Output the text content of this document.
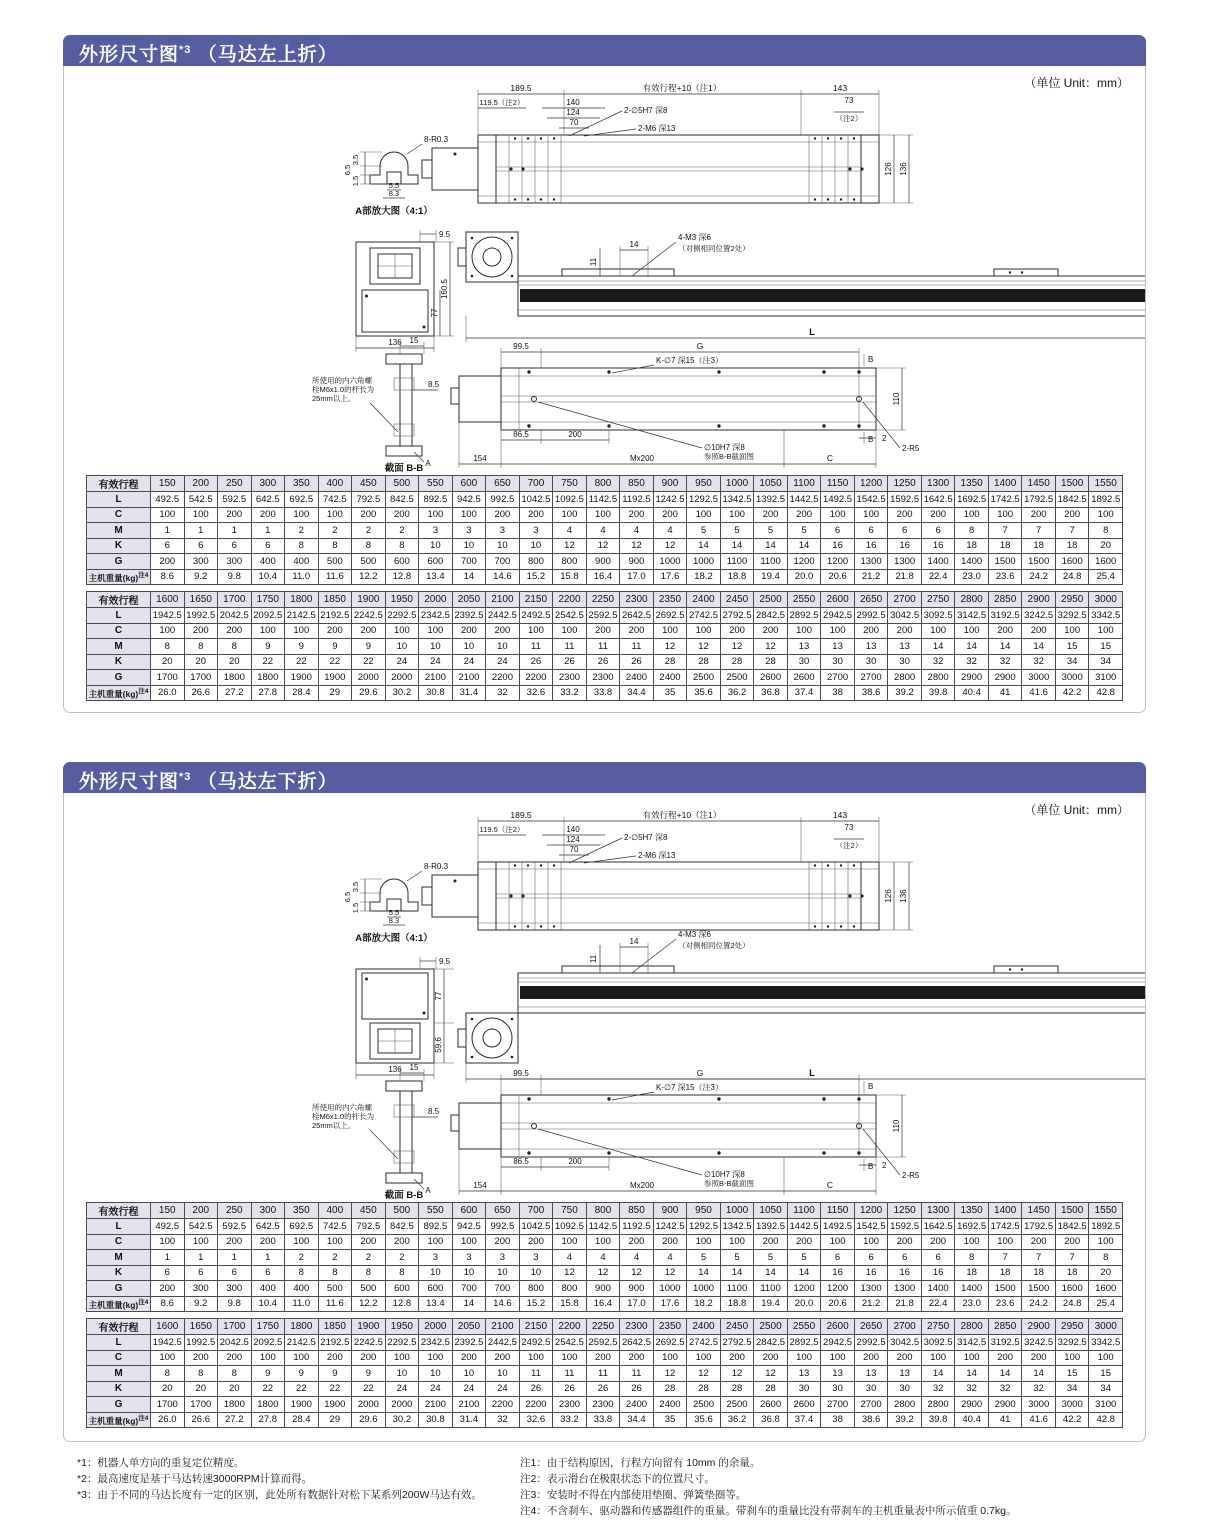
外形尺寸图$^{*3}$ （马达左上折）
（单位 Unit：mm）
189.5	有效行程+10（注1）	143
119.5（注2）	140
124
70
2-∅5H7 深8
2-M6 深13
73
（注2）
126 136
8-R0.3
3.5
6.5
1.5	5.5
8.3
A部放大图（4:1）
9.5
160.5
77
136
11
14
4-M3 深6
（对侧相同位置2处）
L
15
8.5
A
截面 B-B
所使用的内六角螺
栓M6x1.0的杆长为
25mm以上。
99.5	G
K-∅7 深15（注3）	B
B
110
86.5	200
∅10H7 深8
参照B-B截面图
154	Mx200	C
2
2-R5
有效行程	150	200	250	300	350	400	450	500	550	600	650	700	750	800	850	900	950	1000	1050	1100	1150	1200	1250	1300	1350	1400	1450	1500	1550
L	492.5	542.5	592.5	642.5	692.5	742.5	792.5	842.5	892.5	942.5	992.5	1042.5	1092.5	1142.5	1192.5	1242.5	1292.5	1342.5	1392.5	1442.5	1492.5	1542.5	1592.5	1642.5	1692.5	1742.5	1792.5	1842.5	1892.5
C	100	100	200	200	100	100	200	200	100	100	200	200	100	100	200	200	100	100	200	200	100	100	200	200	100	100	200	200	100
M	1	1	1	1	2	2	2	2	3	3	3	3	4	4	4	4	5	5	5	5	6	6	6	6	8	7	7	7	8
K	6	6	6	6	8	8	8	8	10	10	10	10	12	12	12	12	14	14	14	14	16	16	16	16	18	18	18	18	20
G	200	300	300	400	400	500	500	600	600	700	700	800	800	900	900	1000	1000	1100	1100	1200	1200	1300	1300	1400	1400	1500	1500	1600	1600
主机重量(kg)$^{注4}$	8.6	9.2	9.8	10.4	11.0	11.6	12.2	12.8	13.4	14	14.6	15.2	15.8	16.4	17.0	17.6	18.2	18.8	19.4	20.0	20.6	21.2	21.8	22.4	23.0	23.6	24.2	24.8	25.4
有效行程	1600	1650	1700	1750	1800	1850	1900	1950	2000	2050	2100	2150	2200	2250	2300	2350	2400	2450	2500	2550	2600	2650	2700	2750	2800	2850	2900	2950	3000
L	1942.5	1992.5	2042.5	2092.5	2142.5	2192.5	2242.5	2292.5	2342.5	2392.5	2442.5	2492.5	2542.5	2592.5	2642.5	2692.5	2742.5	2792.5	2842.5	2892.5	2942.5	2992.5	3042.5	3092.5	3142.5	3192.5	3242.5	3292.5	3342.5
C	100	200	200	100	100	200	200	100	100	200	200	100	100	200	200	100	100	200	200	100	100	200	200	100	100	200	200	100	100
M	8	8	8	9	9	9	9	10	10	10	10	11	11	11	11	12	12	12	12	13	13	13	13	14	14	14	14	15	15
K	20	20	20	22	22	22	22	24	24	24	24	26	26	26	26	28	28	28	28	30	30	30	30	32	32	32	32	34	34
G	1700	1700	1800	1800	1900	1900	2000	2000	2100	2100	2200	2200	2300	2300	2400	2400	2500	2500	2600	2600	2700	2700	2800	2800	2900	2900	3000	3000	3100
主机重量(kg)$^{注4}$	26.0	26.6	27.2	27.8	28.4	29	29.6	30.2	30.8	31.4	32	32.6	33.2	33.8	34.4	35	35.6	36.2	36.8	37.4	38	38.6	39.2	39.8	40.4	41	41.6	42.2	42.8
外形尺寸图$^{*3}$ （马达左下折）
（单位 Unit：mm）
189.5	有效行程+10（注1）	143
119.5（注2）	140
124
70
2-∅5H7 深8
2-M6 深13
73
（注2）
126 136
8-R0.3
3.5
6.5
1.5	5.5
8.3
A部放大图（4:1）
9.5
77
59.6
136
11
14
4-M3 深6
（对侧相同位置2处）
L
15
8.5
A
截面 B-B
所使用的内六角螺
栓M6x1.0的杆长为
25mm以上。
99.5	G
K-∅7 深15（注3）	B
B
110
86.5	200
∅10H7 深8
参照B-B截面图
154	Mx200	C
2
2-R5
有效行程	150	200	250	300	350	400	450	500	550	600	650	700	750	800	850	900	950	1000	1050	1100	1150	1200	1250	1300	1350	1400	1450	1500	1550
L	492.5	542.5	592.5	642.5	692.5	742.5	792.5	842.5	892.5	942.5	992.5	1042.5	1092.5	1142.5	1192.5	1242.5	1292.5	1342.5	1392.5	1442.5	1492.5	1542.5	1592.5	1642.5	1692.5	1742.5	1792.5	1842.5	1892.5
C	100	100	200	200	100	100	200	200	100	100	200	200	100	100	200	200	100	100	200	200	100	100	200	200	100	100	200	200	100
M	1	1	1	1	2	2	2	2	3	3	3	3	4	4	4	4	5	5	5	5	6	6	6	6	8	7	7	7	8
K	6	6	6	6	8	8	8	8	10	10	10	10	12	12	12	12	14	14	14	14	16	16	16	16	18	18	18	18	20
G	200	300	300	400	400	500	500	600	600	700	700	800	800	900	900	1000	1000	1100	1100	1200	1200	1300	1300	1400	1400	1500	1500	1600	1600
主机重量(kg)$^{注4}$	8.6	9.2	9.8	10.4	11.0	11.6	12.2	12.8	13.4	14	14.6	15.2	15.8	16.4	17.0	17.6	18.2	18.8	19.4	20.0	20.6	21.2	21.8	22.4	23.0	23.6	24.2	24.8	25.4
有效行程	1600	1650	1700	1750	1800	1850	1900	1950	2000	2050	2100	2150	2200	2250	2300	2350	2400	2450	2500	2550	2600	2650	2700	2750	2800	2850	2900	2950	3000
L	1942.5	1992.5	2042.5	2092.5	2142.5	2192.5	2242.5	2292.5	2342.5	2392.5	2442.5	2492.5	2542.5	2592.5	2642.5	2692.5	2742.5	2792.5	2842.5	2892.5	2942.5	2992.5	3042.5	3092.5	3142.5	3192.5	3242.5	3292.5	3342.5
C	100	200	200	100	100	200	200	100	100	200	200	100	100	200	200	100	100	200	200	100	100	200	200	100	100	200	200	100	100
M	8	8	8	9	9	9	9	10	10	10	10	11	11	11	11	12	12	12	12	13	13	13	13	14	14	14	14	15	15
K	20	20	20	22	22	22	22	24	24	24	24	26	26	26	26	28	28	28	28	30	30	30	30	32	32	32	32	34	34
G	1700	1700	1800	1800	1900	1900	2000	2000	2100	2100	2200	2200	2300	2300	2400	2400	2500	2500	2600	2600	2700	2700	2800	2800	2900	2900	3000	3000	3100
主机重量(kg)$^{注4}$	26.0	26.6	27.2	27.8	28.4	29	29.6	30.2	30.8	31.4	32	32.6	33.2	33.8	34.4	35	35.6	36.2	36.8	37.4	38	38.6	39.2	39.8	40.4	41	41.6	42.2	42.8
*1：机器人单方向的重复定位精度。
*2：最高速度是基于马达转速3000RPM计算而得。
*3：由于不同的马达长度有一定的区别，此处所有数据针对松下某系列200W马达有效。
注1：由于结构原因，行程方向留有 10mm 的余量。
注2：表示滑台在极限状态下的位置尺寸。
注3：安装时不得在内部使用垫圈、弹簧垫圈等。
注4：不含刹车、驱动器和传感器组件的重量。带刹车的重量比没有带刹车的主机重量表中所示值重 0.7kg。
